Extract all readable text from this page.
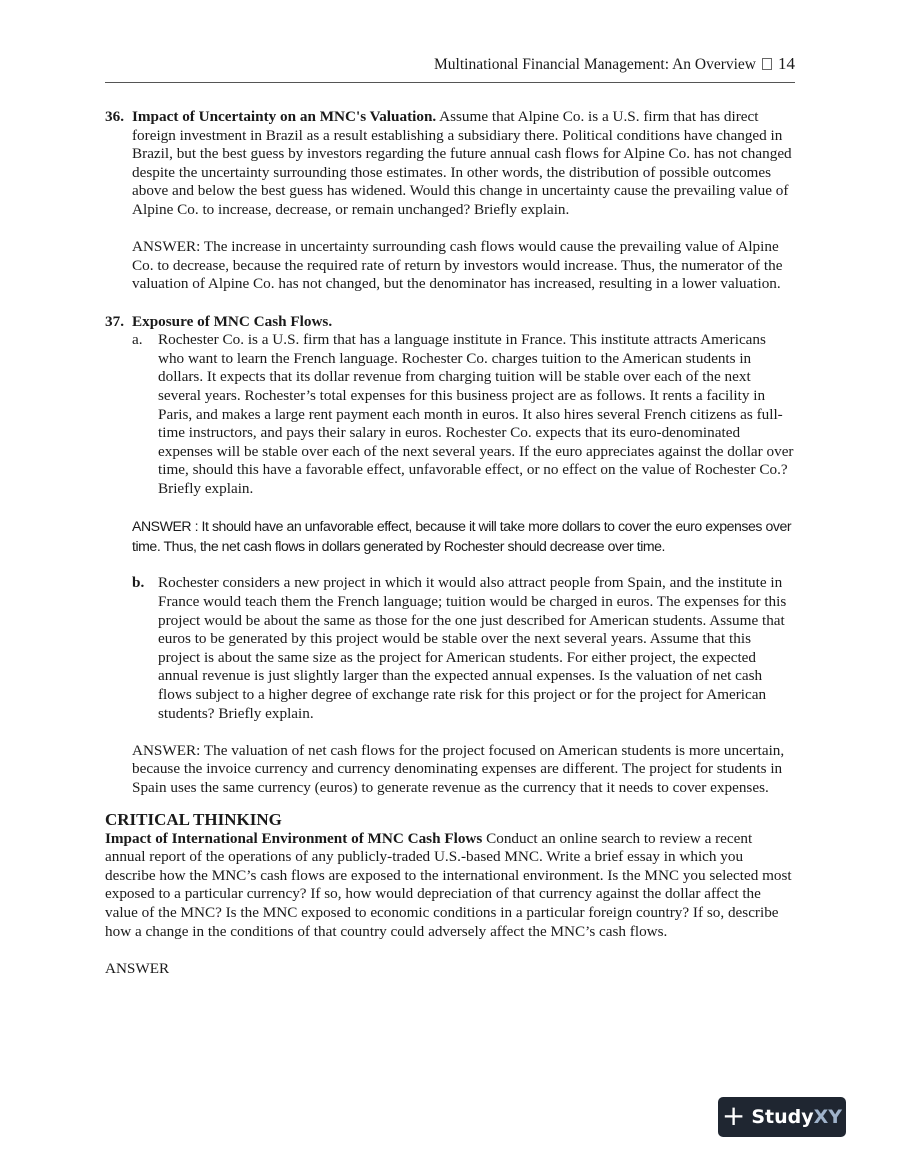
Multinational Financial Management: An Overview 14
36. Impact of Uncertainty on an MNC's Valuation. Assume that Alpine Co. is a U.S. firm that has direct foreign investment in Brazil as a result establishing a subsidiary there. Political conditions have changed in Brazil, but the best guess by investors regarding the future annual cash flows for Alpine Co. has not changed despite the uncertainty surrounding those estimates. In other words, the distribution of possible outcomes above and below the best guess has widened. Would this change in uncertainty cause the prevailing value of Alpine Co. to increase, decrease, or remain unchanged? Briefly explain.

ANSWER: The increase in uncertainty surrounding cash flows would cause the prevailing value of Alpine Co. to decrease, because the required rate of return by investors would increase. Thus, the numerator of the valuation of Alpine Co. has not changed, but the denominator has increased, resulting in a lower valuation.

37. Exposure of MNC Cash Flows.

a. Rochester Co. is a U.S. firm that has a language institute in France. This institute attracts Americans who want to learn the French language. Rochester Co. charges tuition to the American students in dollars. It expects that its dollar revenue from charging tuition will be stable over each of the next several years. Rochester’s total expenses for this business project are as follows. It rents a facility in Paris, and makes a large rent payment each month in euros. It also hires several French citizens as full-time instructors, and pays their salary in euros. Rochester Co. expects that its euro-denominated expenses will be stable over each of the next several years. If the euro appreciates against the dollar over time, should this have a favorable effect, unfavorable effect, or no effect on the value of Rochester Co.? Briefly explain.

ANSWER : It should have an unfavorable effect, because it will take more dollars to cover the euro expenses over time. Thus, the net cash flows in dollars generated by Rochester should decrease over time.

b. Rochester considers a new project in which it would also attract people from Spain, and the institute in France would teach them the French language; tuition would be charged in euros. The expenses for this project would be about the same as those for the one just described for American students. Assume that euros to be generated by this project would be stable over the next several years. Assume that this project is about the same size as the project for American students. For either project, the expected annual revenue is just slightly larger than the expected annual expenses. Is the valuation of net cash flows subject to a higher degree of exchange rate risk for this project or for the project for American students? Briefly explain.

ANSWER: The valuation of net cash flows for the project focused on American students is more uncertain, because the invoice currency and currency denominating expenses are different. The project for students in Spain uses the same currency (euros) to generate revenue as the currency that it needs to cover expenses.

CRITICAL THINKING

Impact of International Environment of MNC Cash Flows Conduct an online search to review a recent annual report of the operations of any publicly-traded U.S.-based MNC. Write a brief essay in which you describe how the MNC’s cash flows are exposed to the international environment. Is the MNC you selected most exposed to a particular currency? If so, how would depreciation of that currency against the dollar affect the value of the MNC? Is the MNC exposed to economic conditions in a particular foreign country? If so, describe how a change in the conditions of that country could adversely affect the MNC’s cash flows.

ANSWER

+ StudyXY
